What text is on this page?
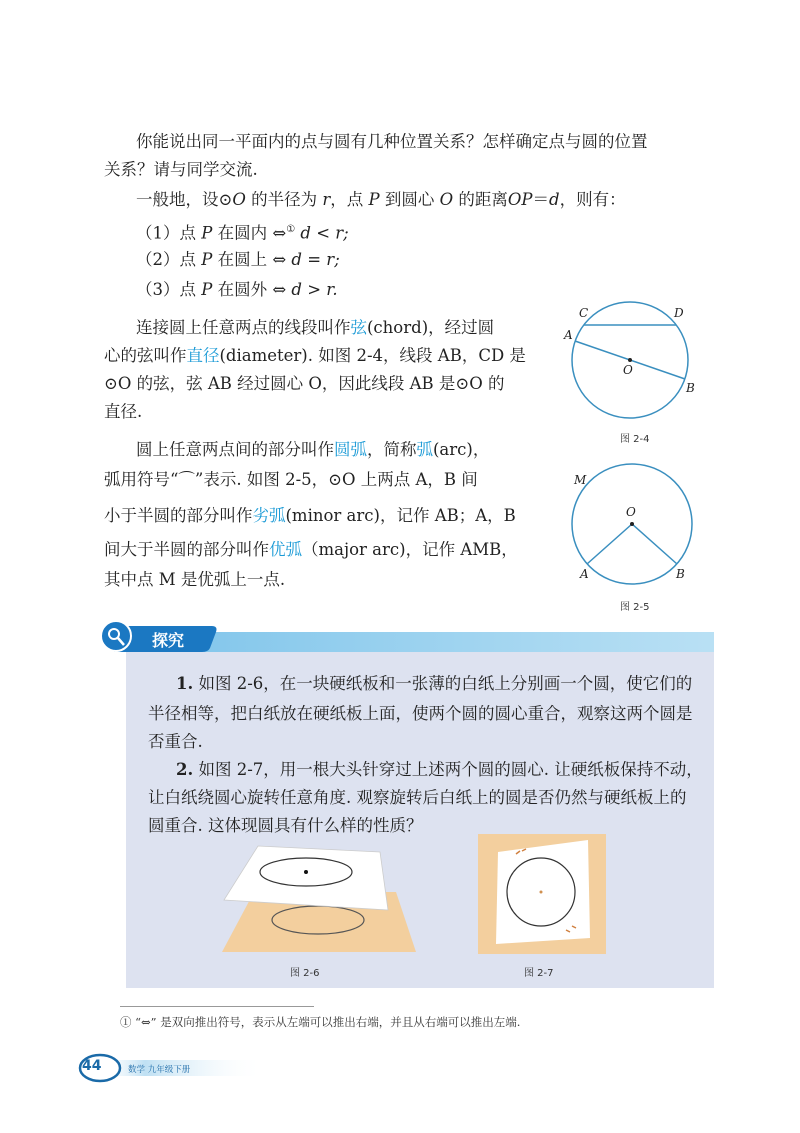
你能说出同一平面内的点与圆有几种位置关系？怎样确定点与圆的位置
关系？请与同学交流.
一般地，设⊙O 的半径为 r，点 P 到圆心 O 的距离OP＝d，则有：
（1）点 P 在圆内 ⇔① d < r;
（2）点 P 在圆上 ⇔ d = r;
（3）点 P 在圆外 ⇔ d > r.
连接圆上任意两点的线段叫作弦(chord)，经过圆
心的弦叫作直径(diameter). 如图 2-4，线段 AB，CD 是
⊙O 的弦，弦 AB 经过圆心 O，因此线段 AB 是⊙O 的
直径.
圆上任意两点间的部分叫作圆弧，简称弧(arc)，
弧用符号“⌒”表示. 如图 2-5，⊙O 上两点 A，B 间
小于半圆的部分叫作劣弧(minor arc)，记作 AB；A，B
间大于半圆的部分叫作优弧（major arc)，记作 AMB，
其中点 M 是优弧上一点.
C	D
A
O
B
图 2-4
M
O
A	B
图 2-5
探究
1. 如图 2-6，在一块硬纸板和一张薄的白纸上分别画一个圆，使它们的
半径相等，把白纸放在硬纸板上面，使两个圆的圆心重合，观察这两个圆是
否重合.
2. 如图 2-7，用一根大头针穿过上述两个圆的圆心. 让硬纸板保持不动，
让白纸绕圆心旋转任意角度. 观察旋转后白纸上的圆是否仍然与硬纸板上的
圆重合. 这体现圆具有什么样的性质？
图 2-6	图 2-7
① “⇔” 是双向推出符号，表示从左端可以推出右端，并且从右端可以推出左端.
44	数学 九年级下册
